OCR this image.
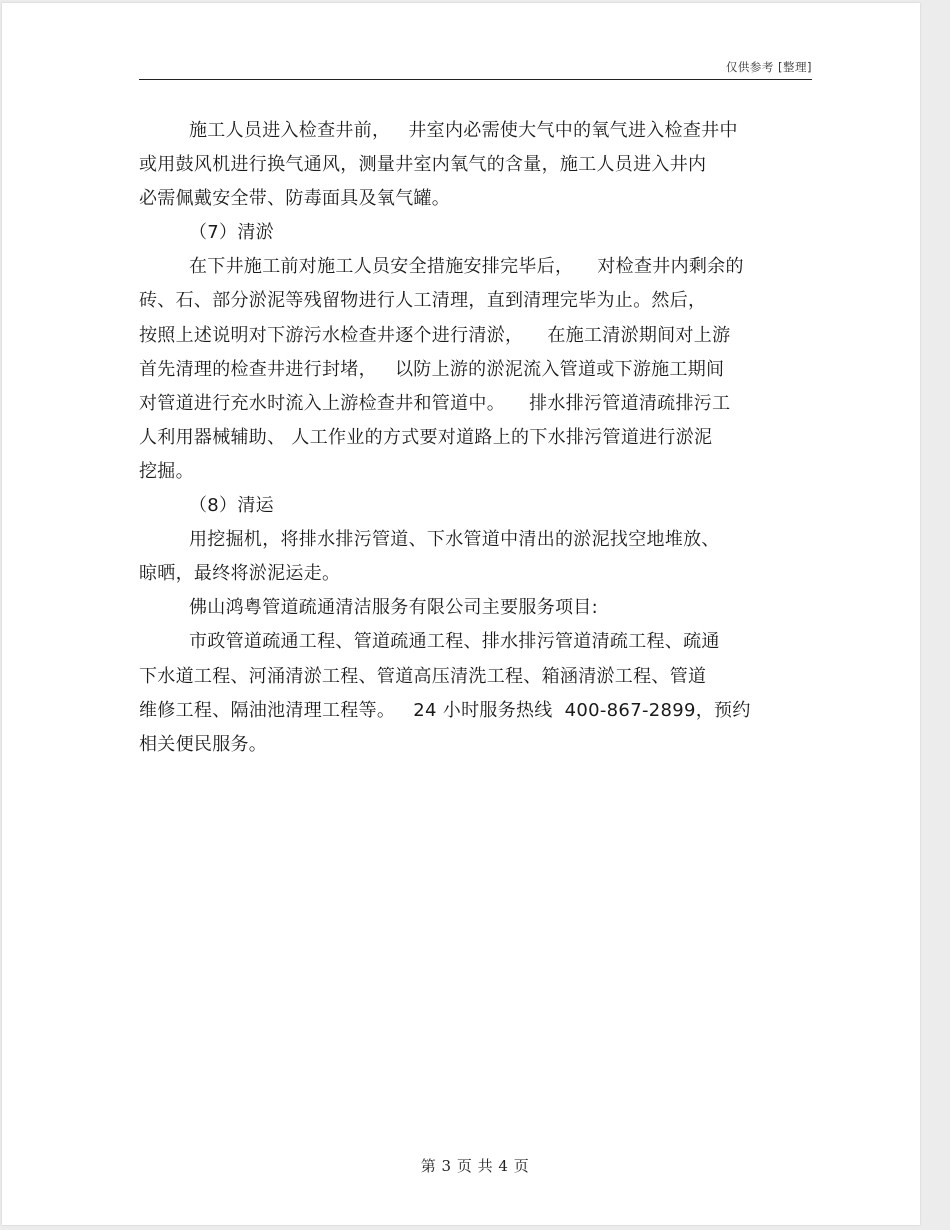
仅供参考 [整理]
施工人员进入检查井前，   井室内必需使大气中的氧气进入检查井中
或用鼓风机进行换气通风，测量井室内氧气的含量，施工人员进入井内
必需佩戴安全带、防毒面具及氧气罐。
（7）清淤
在下井施工前对施工人员安全措施安排完毕后，    对检查井内剩余的
砖、石、部分淤泥等残留物进行人工清理，直到清理完毕为止。然后，
按照上述说明对下游污水检查井逐个进行清淤，    在施工清淤期间对上游
首先清理的检查井进行封堵，   以防上游的淤泥流入管道或下游施工期间
对管道进行充水时流入上游检查井和管道中。    排水排污管道清疏排污工
人利用器械辅助、 人工作业的方式要对道路上的下水排污管道进行淤泥
挖掘。
（8）清运
用挖掘机，将排水排污管道、下水管道中清出的淤泥找空地堆放、
晾晒，最终将淤泥运走。
佛山鸿粤管道疏通清洁服务有限公司主要服务项目:
市政管道疏通工程、管道疏通工程、排水排污管道清疏工程、疏通
下水道工程、河涌清淤工程、管道高压清洗工程、箱涵清淤工程、管道
维修工程、隔油池清理工程等。   24 小时服务热线  400-867-2899，预约
相关便民服务。
第 3 页 共 4 页
